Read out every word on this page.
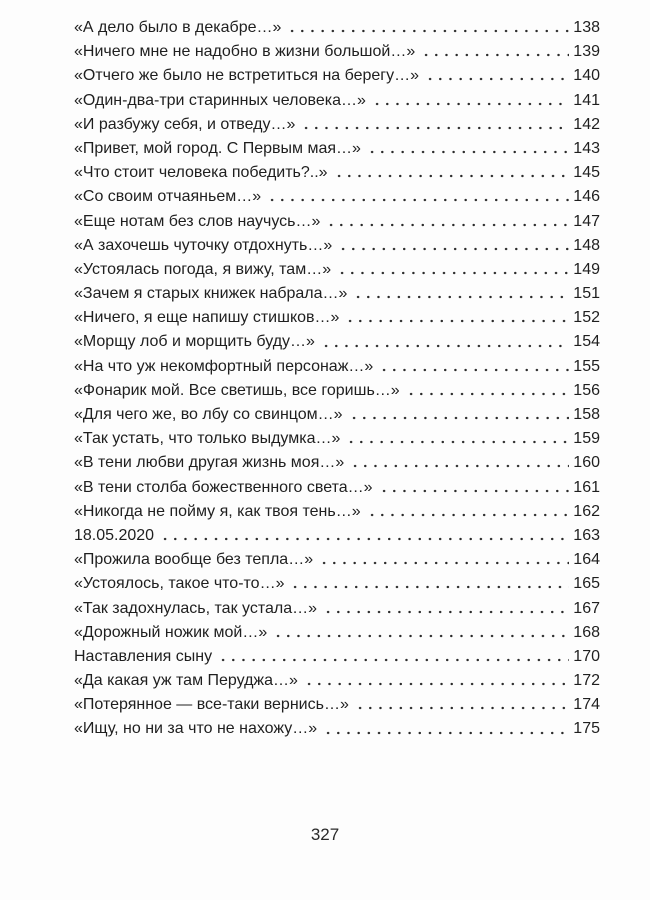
«А дело было в декабре…»	138
«Ничего мне не надобно в жизни большой…»	139
«Отчего же было не встретиться на берегу…»	140
«Один-два-три старинных человека…»	141
«И разбужу себя, и отведу…»	142
«Привет, мой город. С Первым мая…»	143
«Что стоит человека победить?..»	145
«Со своим отчаяньем…»	146
«Еще нотам без слов научусь…»	147
«А захочешь чуточку отдохнуть…»	148
«Устоялась погода, я вижу, там…»	149
«Зачем я старых книжек набрала…»	151
«Ничего, я еще напишу стишков…»	152
«Морщу лоб и морщить буду…»	154
«На что уж некомфортный персонаж…»	155
«Фонарик мой. Все светишь, все горишь…»	156
«Для чего же, во лбу со свинцом…»	158
«Так устать, что только выдумка…»	159
«В тени любви другая жизнь моя…»	160
«В тени столба божественного света…»	161
«Никогда не пойму я, как твоя тень…»	162
18.05.2020	163
«Прожила вообще без тепла…»	164
«Устоялось, такое что-то…»	165
«Так задохнулась, так устала…»	167
«Дорожный ножик мой…»	168
Наставления сыну	170
«Да какая уж там Перуджа…»	172
«Потерянное — все-таки вернись…»	174
«Ищу, но ни за что не нахожу…»	175
327
